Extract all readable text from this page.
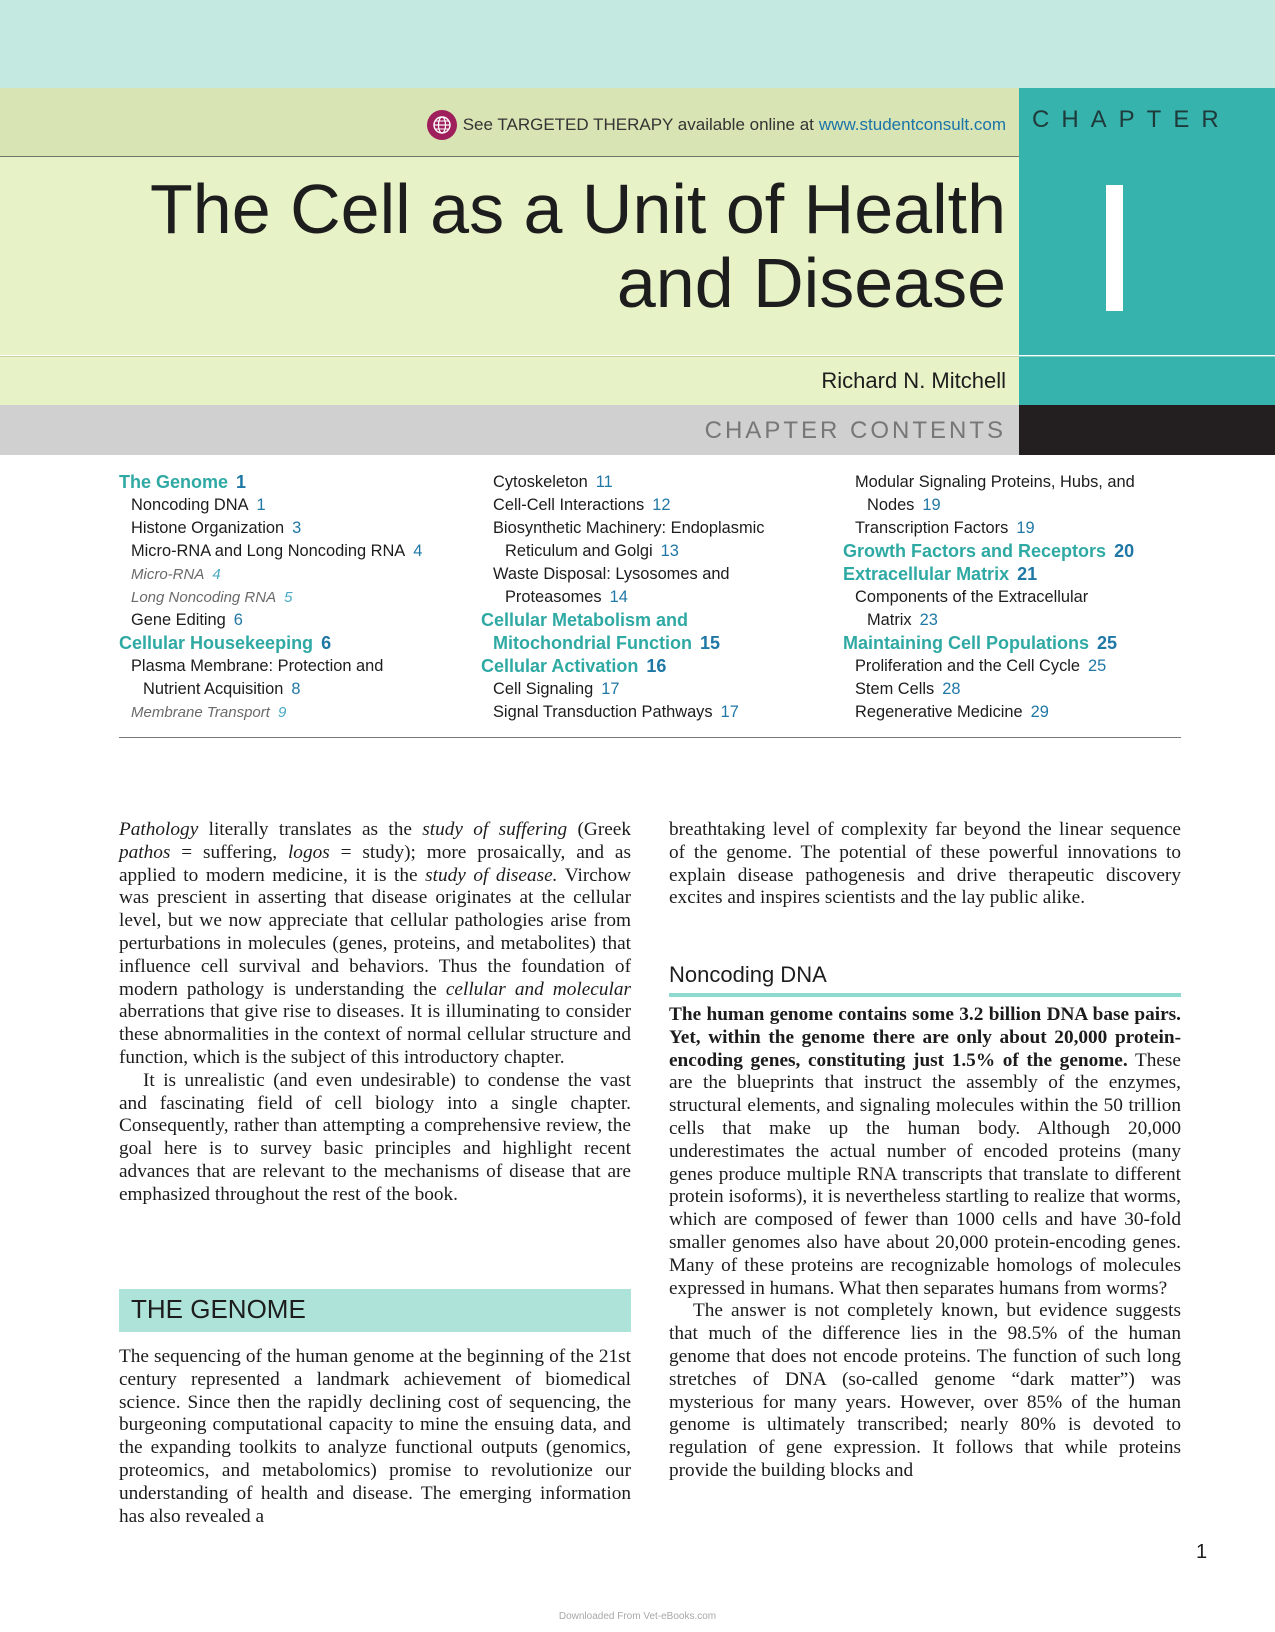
See TARGETED THERAPY available online at www.studentconsult.com CHAPTER
The Cell as a Unit of Health
and Disease
Richard N. Mitchell
CHAPTER CONTENTS
The Genome 1
Noncoding DNA 1
Histone Organization 3
Micro-RNA and Long Noncoding RNA 4
Micro-RNA 4
Long Noncoding RNA 5
Gene Editing 6
Cellular Housekeeping 6
Plasma Membrane: Protection and
Nutrient Acquisition 8
Membrane Transport 9
Cytoskeleton 11
Cell-Cell Interactions 12
Biosynthetic Machinery: Endoplasmic
Reticulum and Golgi 13
Waste Disposal: Lysosomes and
Proteasomes 14
Cellular Metabolism and
Mitochondrial Function 15
Cellular Activation 16
Cell Signaling 17
Signal Transduction Pathways 17
Modular Signaling Proteins, Hubs, and
Nodes 19
Transcription Factors 19
Growth Factors and Receptors 20
Extracellular Matrix 21
Components of the Extracellular
Matrix 23
Maintaining Cell Populations 25
Proliferation and the Cell Cycle 25
Stem Cells 28
Regenerative Medicine 29

Pathology literally translates as the study of suffering (Greek pathos = suffering, logos = study); more prosaically, and as applied to modern medicine, it is the study of disease. Virchow was prescient in asserting that disease originates at the cellular level, but we now appreciate that cellular pathologies arise from perturbations in molecules (genes, proteins, and metabolites) that influence cell survival and behaviors. Thus the foundation of modern pathology is understanding the cellular and molecular aberrations that give rise to diseases. It is illuminating to consider these abnormalities in the context of normal cellular structure and function, which is the subject of this introductory chapter.

It is unrealistic (and even undesirable) to condense the vast and fascinating field of cell biology into a single chapter. Consequently, rather than attempting a comprehensive review, the goal here is to survey basic principles and highlight recent advances that are relevant to the mechanisms of disease that are emphasized throughout the rest of the book.

THE GENOME

The sequencing of the human genome at the beginning of the 21st century represented a landmark achievement of biomedical science. Since then the rapidly declining cost of sequencing, the burgeoning computational capacity to mine the ensuing data, and the expanding toolkits to analyze functional outputs (genomics, proteomics, and metabolomics) promise to revolutionize our understanding of health and disease. The emerging information has also revealed a

breathtaking level of complexity far beyond the linear sequence of the genome. The potential of these powerful innovations to explain disease pathogenesis and drive therapeutic discovery excites and inspires scientists and the lay public alike.

Noncoding DNA

The human genome contains some 3.2 billion DNA base pairs. Yet, within the genome there are only about 20,000 protein-encoding genes, constituting just 1.5% of the genome. These are the blueprints that instruct the assembly of the enzymes, structural elements, and signaling molecules within the 50 trillion cells that make up the human body. Although 20,000 underestimates the actual number of encoded proteins (many genes produce multiple RNA transcripts that translate to different protein isoforms), it is nevertheless startling to realize that worms, which are composed of fewer than 1000 cells and have 30-fold smaller genomes also have about 20,000 protein-encoding genes. Many of these proteins are recognizable homologs of molecules expressed in humans. What then separates humans from worms?

The answer is not completely known, but evidence suggests that much of the difference lies in the 98.5% of the human genome that does not encode proteins. The function of such long stretches of DNA (so-called genome “dark matter”) was mysterious for many years. However, over 85% of the human genome is ultimately transcribed; nearly 80% is devoted to regulation of gene expression. It follows that while proteins provide the building blocks and

1
Downloaded From Vet-eBooks.com
